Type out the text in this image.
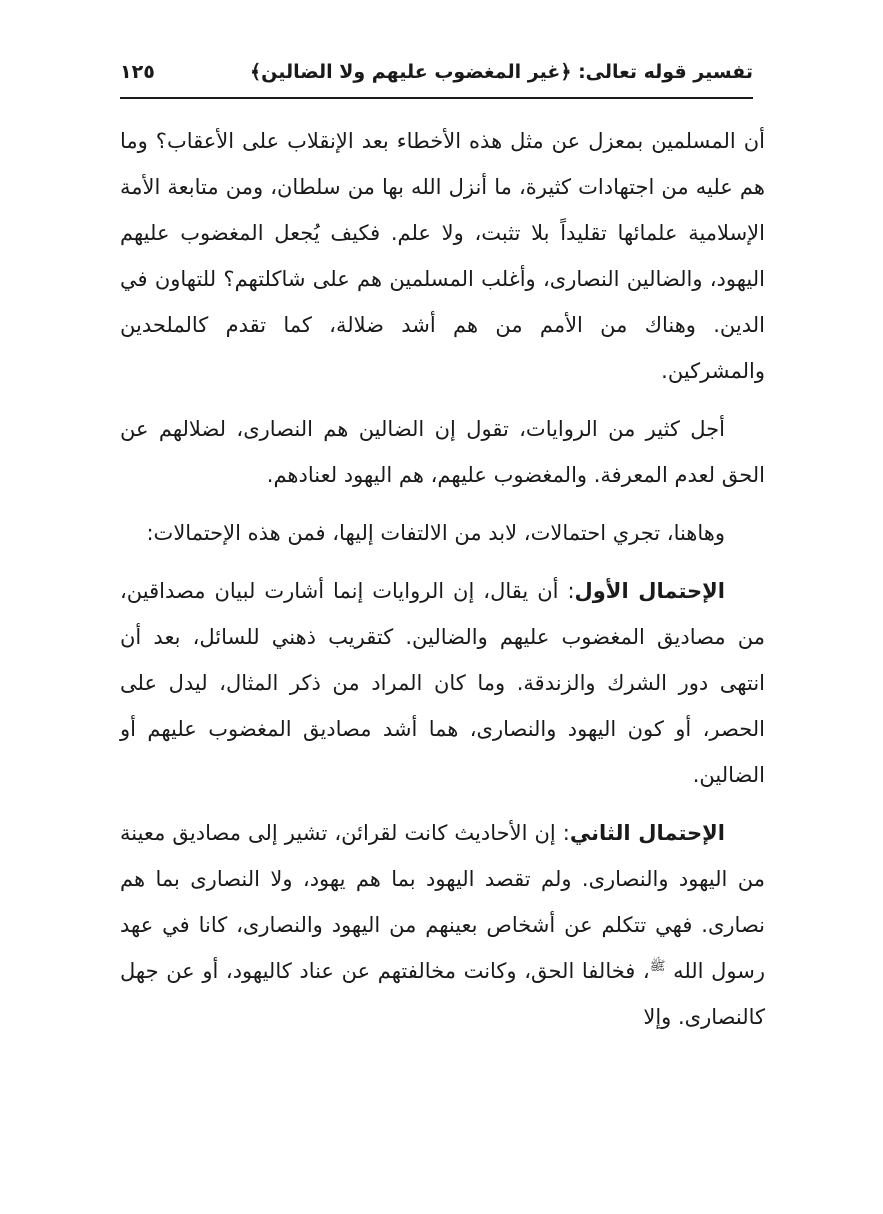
تفسير قوله تعالى: ﴿غير المغضوب عليهم ولا الضالين﴾
١٢٥

أن المسلمين بمعزل عن مثل هذه الأخطاء بعد الإنقلاب على الأعقاب؟ وما هم عليه من اجتهادات كثيرة، ما أنزل الله بها من سلطان، ومن متابعة الأمة الإسلامية علمائها تقليداً بلا تثبت، ولا علم. فكيف يُجعل المغضوب عليهم اليهود، والضالين النصارى، وأغلب المسلمين هم على شاكلتهم؟ للتهاون في الدين. وهناك من الأمم من هم أشد ضلالة، كما تقدم كالملحدين والمشركين.

أجل كثير من الروايات، تقول إن الضالين هم النصارى، لضلالهم عن الحق لعدم المعرفة. والمغضوب عليهم، هم اليهود لعنادهم.

وهاهنا، تجري احتمالات، لابد من الالتفات إليها، فمن هذه الإحتمالات:

الإحتمال الأول: أن يقال، إن الروايات إنما أشارت لبيان مصداقين، من مصاديق المغضوب عليهم والضالين. كتقريب ذهني للسائل، بعد أن انتهى دور الشرك والزندقة. وما كان المراد من ذكر المثال، ليدل على الحصر، أو كون اليهود والنصارى، هما أشد مصاديق المغضوب عليهم أو الضالين.

الإحتمال الثاني: إن الأحاديث كانت لقرائن، تشير إلى مصاديق معينة من اليهود والنصارى. ولم تقصد اليهود بما هم يهود، ولا النصارى بما هم نصارى. فهي تتكلم عن أشخاص بعينهم من اليهود والنصارى، كانا في عهد رسول الله $^ﷺ$، فخالفا الحق، وكانت مخالفتهم عن عناد كاليهود، أو عن جهل كالنصارى. وإلا
